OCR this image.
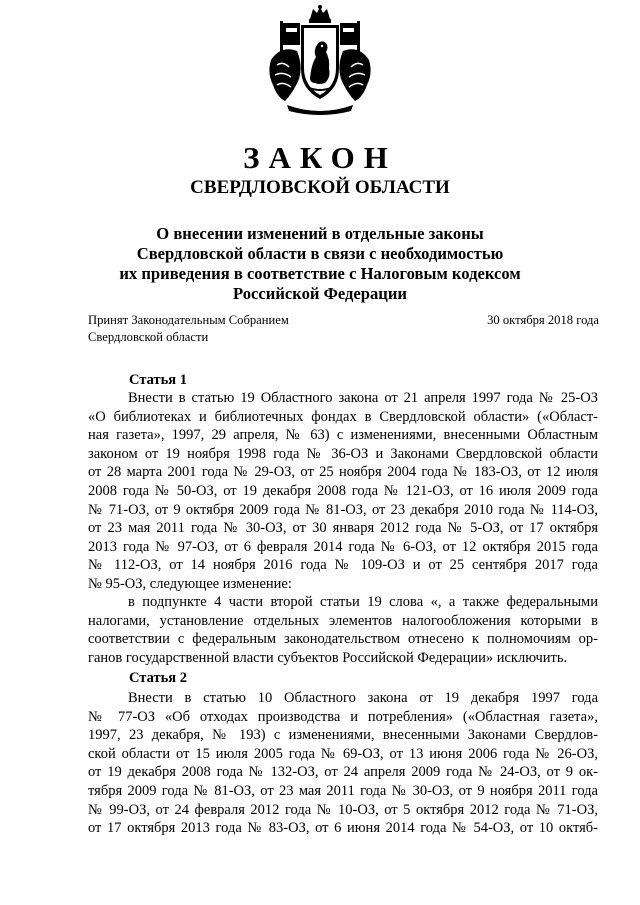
ЗАКОН
СВЕРДЛОВСКОЙ ОБЛАСТИ
О внесении изменений в отдельные законы
Свердловской области в связи с необходимостью
их приведения в соответствие с Налоговым кодексом
Российской Федерации
Принят Законодательным Собранием
Свердловской области
30 октября 2018 года
Статья 1
Внести в статью 19 Областного закона от 21 апреля 1997 года № 25-ОЗ
«О библиотеках и библиотечных фондах в Свердловской области» («Област-
ная газета», 1997, 29 апреля, № 63) с изменениями, внесенными Областным
законом от 19 ноября 1998 года № 36-ОЗ и Законами Свердловской области
от 28 марта 2001 года № 29-ОЗ, от 25 ноября 2004 года № 183-ОЗ, от 12 июля
2008 года № 50-ОЗ, от 19 декабря 2008 года № 121-ОЗ, от 16 июля 2009 года
№ 71-ОЗ, от 9 октября 2009 года № 81-ОЗ, от 23 декабря 2010 года № 114-ОЗ,
от 23 мая 2011 года № 30-ОЗ, от 30 января 2012 года № 5-ОЗ, от 17 октября
2013 года № 97-ОЗ, от 6 февраля 2014 года № 6-ОЗ, от 12 октября 2015 года
№ 112-ОЗ, от 14 ноября 2016 года № 109-ОЗ и от 25 сентября 2017 года
№ 95-ОЗ, следующее изменение:
в подпункте 4 части второй статьи 19 слова «, а также федеральными
налогами, установление отдельных элементов налогообложения которыми в
соответствии с федеральным законодательством отнесено к полномочиям ор-
ганов государственной власти субъектов Российской Федерации» исключить.
Статья 2
Внести в статью 10 Областного закона от 19 декабря 1997 года
№ 77-ОЗ «Об отходах производства и потребления» («Областная газета»,
1997, 23 декабря, № 193) с изменениями, внесенными Законами Свердлов-
ской области от 15 июля 2005 года № 69-ОЗ, от 13 июня 2006 года № 26-ОЗ,
от 19 декабря 2008 года № 132-ОЗ, от 24 апреля 2009 года № 24-ОЗ, от 9 ок-
тября 2009 года № 81-ОЗ, от 23 мая 2011 года № 30-ОЗ, от 9 ноября 2011 года
№ 99-ОЗ, от 24 февраля 2012 года № 10-ОЗ, от 5 октября 2012 года № 71-ОЗ,
от 17 октября 2013 года № 83-ОЗ, от 6 июня 2014 года № 54-ОЗ, от 10 октяб-
